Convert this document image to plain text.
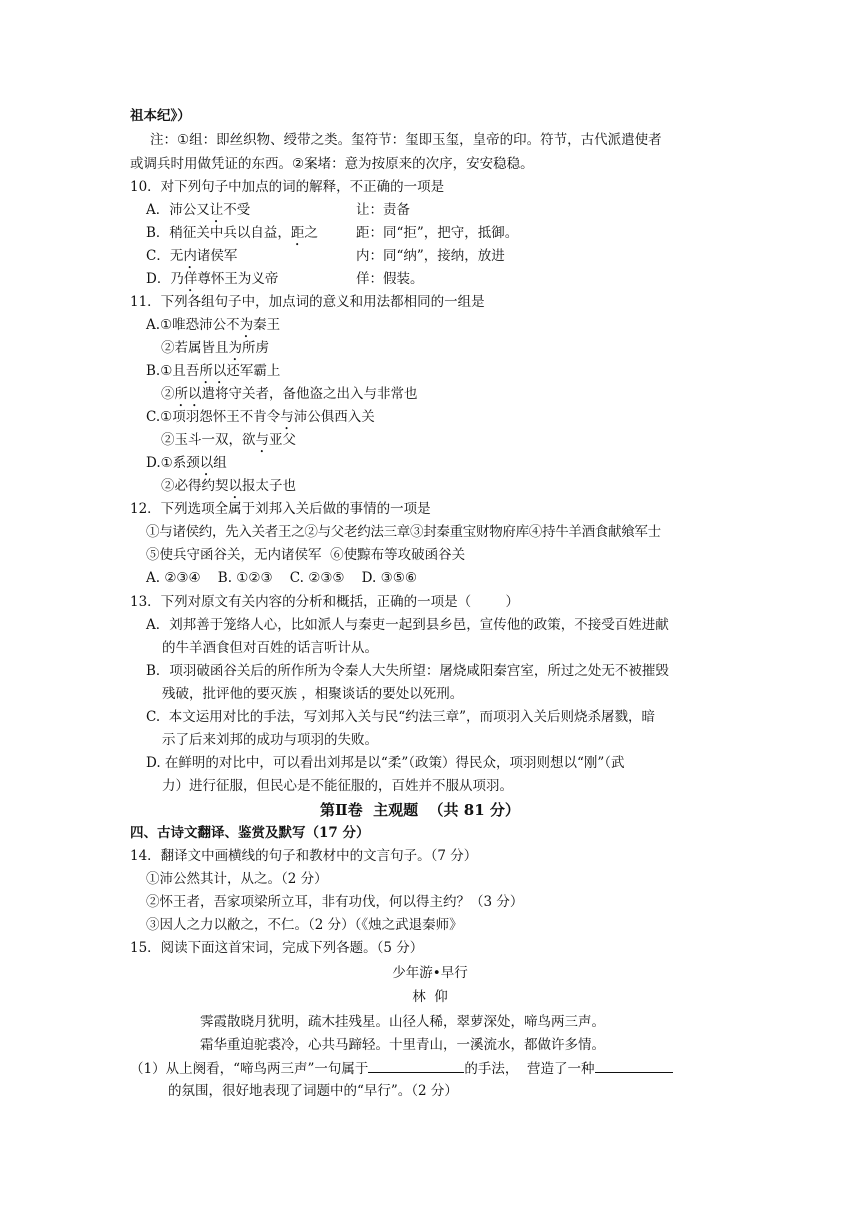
祖本纪》）
注：①组：即丝织物、绶带之类。玺符节：玺即玉玺，皇帝的印。符节，古代派遣使者
或调兵时用做凭证的东西。②案堵：意为按原来的次序，安安稳稳。
10．对下列句子中加点的词的解释，不正确的一项是
A．沛公又让不受	让：责备
B．稍征关中兵以自益，距之	距：同“拒”，把守，抵御。
C．无内诸侯军	内：同“纳”，接纳，放进
D．乃佯尊怀王为义帝	佯：假装。
11．下列各组句子中，加点词的意义和用法都相同的一组是
A.①唯恐沛公不为秦王
②若属皆且为所虏
B.①且吾所以还军霸上
②所以遣将守关者，备他盗之出入与非常也
C.①项羽怨怀王不肯令与沛公俱西入关
②玉斗一双，欲与亚父
D.①系颈以组
②必得约契以报太子也
12．下列选项全属于刘邦入关后做的事情的一项是
①与诸侯约，先入关者王之②与父老约法三章③封秦重宝财物府库④持牛羊酒食献飨军士
⑤使兵守函谷关，无内诸侯军  ⑥使黥布等攻破函谷关
A. ②③④    B. ①②③    C. ②③⑤    D. ③⑤⑥
13．下列对原文有关内容的分析和概括，正确的一项是（        ）
A．刘邦善于笼络人心，比如派人与秦吏一起到县乡邑，宣传他的政策，不接受百姓进献
的牛羊酒食但对百姓的话言听计从。
B．项羽破函谷关后的所作所为令秦人大失所望：屠烧咸阳秦宫室，所过之处无不被摧毁
残破，批评他的要灭族 ，相聚谈话的要处以死刑。
C.  本文运用对比的手法，写刘邦入关与民“约法三章”，而项羽入关后则烧杀屠戮，暗
示了后来刘邦的成功与项羽的失败。
D. 在鲜明的对比中，可以看出刘邦是以“柔”（政策）得民众，项羽则想以“刚”（武
力）进行征服，但民心是不能征服的，百姓并不服从项羽。
第Ⅱ卷  主观题  （共 81 分）
四、古诗文翻译、鉴赏及默写（17 分）
14．翻译文中画横线的句子和教材中的文言句子。（7 分）
①沛公然其计，从之。（2 分）
②怀王者，吾家项梁所立耳，非有功伐，何以得主约？（3 分）
③因人之力以敝之，不仁。（2 分）（《烛之武退秦师》
15．阅读下面这首宋词，完成下列各题。（5 分）
少年游•早行
林  仰
霁霞散晓月犹明，疏木挂残星。山径人稀，翠萝深处，啼鸟两三声。
霜华重迫驼裘冷，心共马蹄轻。十里青山，一溪流水，都做许多情。
（1）从上阕看，“啼鸟两三声”一句属于	的手法，  营造了一种
的氛围，很好地表现了词题中的“早行”。（2 分）
